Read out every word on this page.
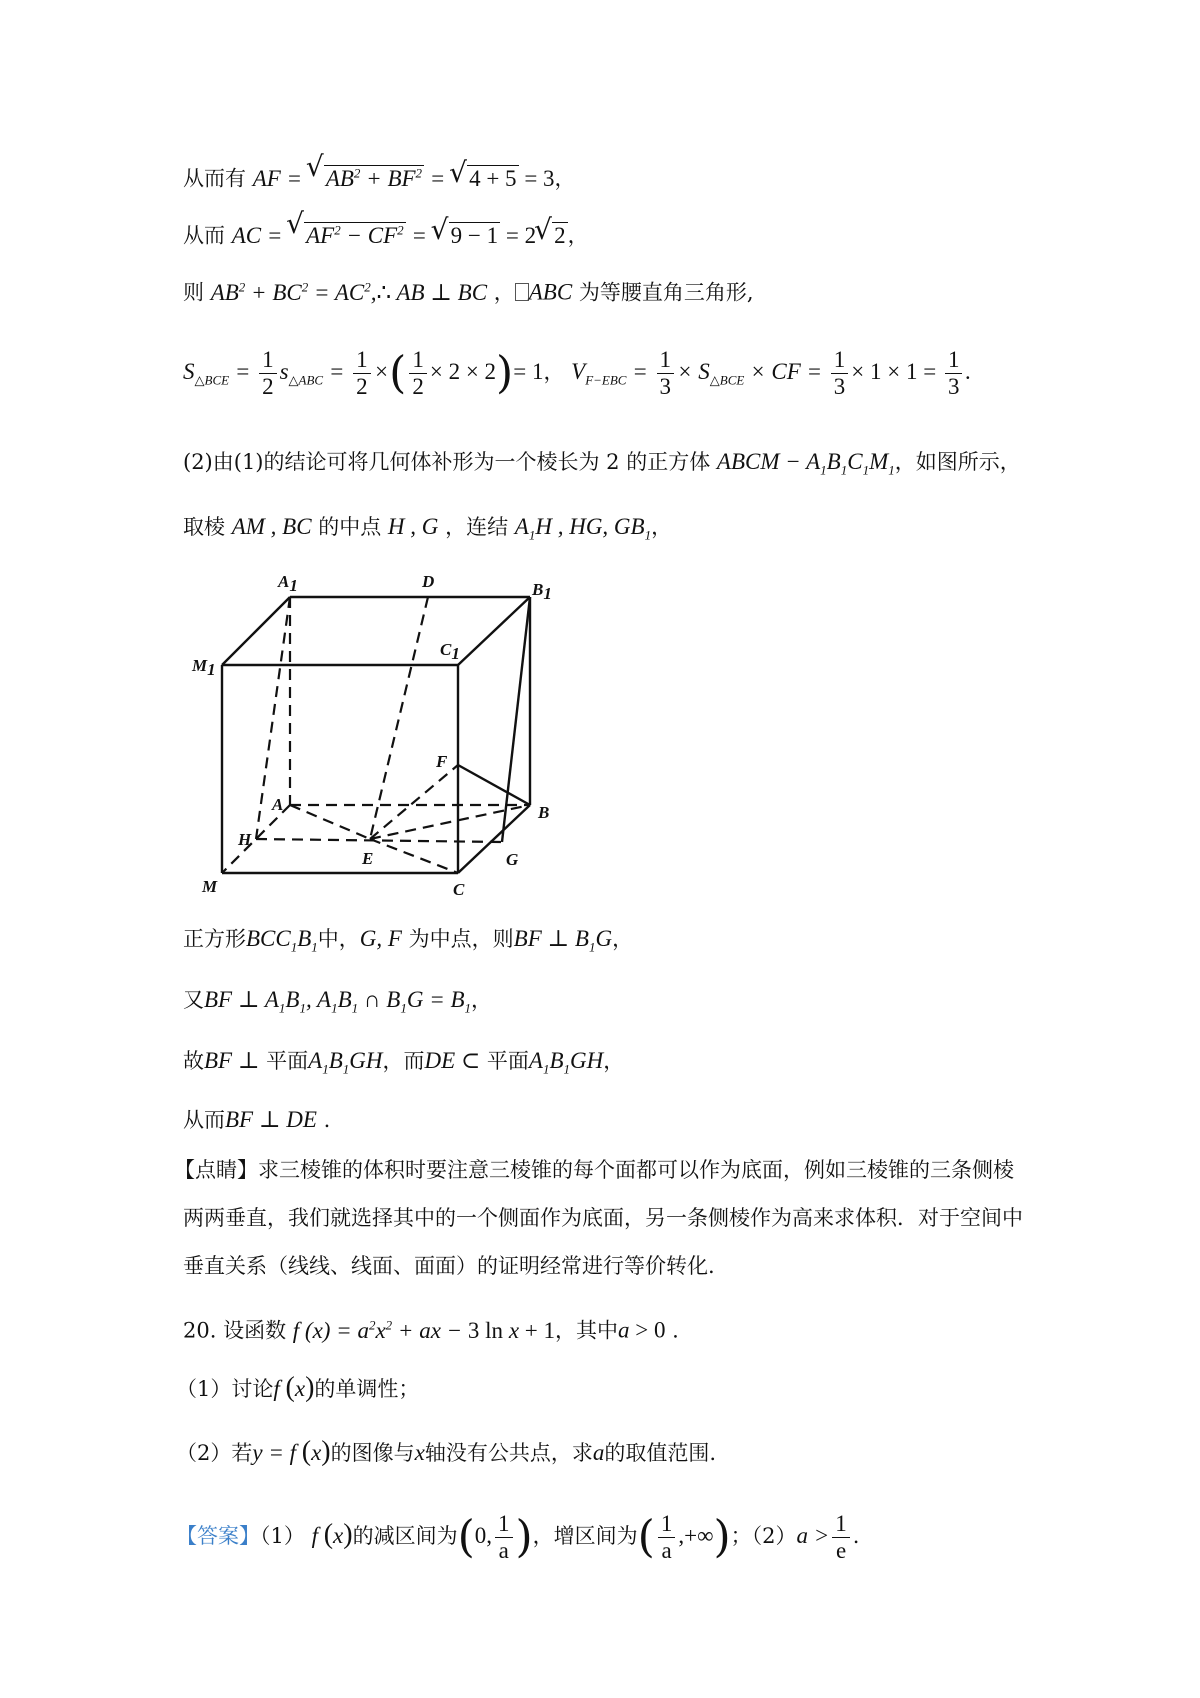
从而有 AF = √ $AB^2 + BF^2$ = √ 4 + 5 = 3，
从而 AC = √ $AF^2 - CF^2$ = √ 9 − 1 = 2√ 2，
则 $AB^2 + BC^2$ = $AC^2,\therefore$ AB ⊥ BC ， ABC 为等腰直角三角形,
$S_{\triangle BCE} = \frac{1}{2} s_{\triangle ABC} = \frac{1}{2}$ ×( $\frac{1}{2} \times 2 \times 2)= 1$， $V_{F-EBC} = \frac{1}{3} \times S_{\triangle BCE}$ × CF = $\frac{1}{3} \times 1 \times 1 = \frac{1}{3}$ .
(2)由(1)的结论可将几何体补形为一个棱长为 2 的正方体 ABCM − $A_1B_1C_1M_1$，如图所示，
取棱 AM , BC 的中点 H , G ，连结 $A_1H$ , HG, $GB_1$，
A1	D	B1
M1
C1
F
A	B
H
E	G
M	C
正方形$BCC_1B_1$中，G, F 为中点，则BF ⊥ $B_1G$，
又BF ⊥ $A_1B_1$, $A_1B_1$ ∩ $B_1G = B_1$，
故BF ⊥ 平面$A_1B_1GH$，而DE ⊂ 平面$A_1B_1GH$，
从而BF ⊥ DE .
【点睛】求三棱锥的体积时要注意三棱锥的每个面都可以作为底面，例如三棱锥的三条侧棱
两两垂直，我们就选择其中的一个侧面作为底面，另一条侧棱作为高来求体积．对于空间中
垂直关系（线线、线面、面面）的证明经常进行等价转化.
20. 设函数 f $(x) = a^2x^2$ + ax − 3 ln x + 1，其中a > 0 .
（1）讨论f (x)的单调性；
（2）若y = f (x)的图像与x轴没有公共点，求a的取值范围.
【答案】（1） f (x)的减区间为(0, $\frac{1}{a}$ )，增区间为( $\frac{1}{a}$ ,+∞)；$(2)a > \frac{1}{e}$ .
